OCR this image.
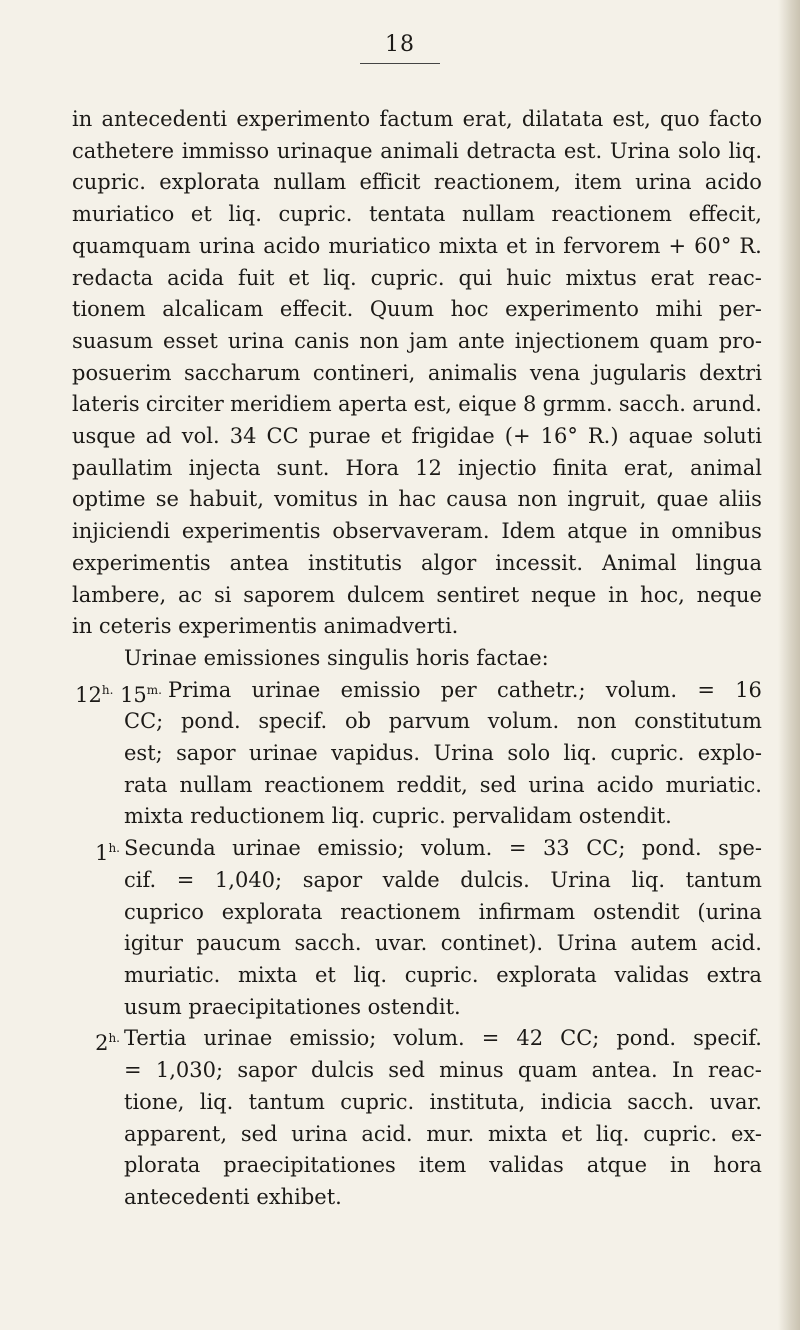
18
in antecedenti experimento factum erat, dilatata est, quo facto
cathetere immisso urinaque animali detracta est. Urina solo liq.
cupric. explorata nullam efficit reactionem, item urina acido
muriatico et liq. cupric. tentata nullam reactionem effecit,
quamquam urina acido muriatico mixta et in fervorem + 60° R.
redacta acida fuit et liq. cupric. qui huic mixtus erat reac-
tionem alcalicam effecit. Quum hoc experimento mihi per-
suasum esset urina canis non jam ante injectionem quam pro-
posuerim saccharum contineri, animalis vena jugularis dextri
lateris circiter meridiem aperta est, eique 8 grmm. sacch. arund.
usque ad vol. 34 CC purae et frigidae (+ 16° R.) aquae soluti
paullatim injecta sunt. Hora 12 injectio finita erat, animal
optime se habuit, vomitus in hac causa non ingruit, quae aliis
injiciendi experimentis observaveram. Idem atque in omnibus
experimentis antea institutis algor incessit. Animal lingua
lambere, ac si saporem dulcem sentiret neque in hoc, neque
in ceteris experimentis animadverti.
Urinae emissiones singulis horis factae:
$12^{h.}$ $15^{m.}$ Prima urinae emissio per cathetr.; volum. = 16
CC; pond. specif. ob parvum volum. non constitutum
est; sapor urinae vapidus. Urina solo liq. cupric. explo-
rata nullam reactionem reddit, sed urina acido muriatic.
mixta reductionem liq. cupric. pervalidam ostendit.
$1^{h.}$ Secunda urinae emissio; volum. = 33 CC; pond. spe-
cif. = 1,040; sapor valde dulcis. Urina liq. tantum
cuprico explorata reactionem infirmam ostendit (urina
igitur paucum sacch. uvar. continet). Urina autem acid.
muriatic. mixta et liq. cupric. explorata validas extra
usum praecipitationes ostendit.
$2^{h.}$ Tertia urinae emissio; volum. = 42 CC; pond. specif.
= 1,030; sapor dulcis sed minus quam antea. In reac-
tione, liq. tantum cupric. instituta, indicia sacch. uvar.
apparent, sed urina acid. mur. mixta et liq. cupric. ex-
plorata praecipitationes item validas atque in hora
antecedenti exhibet.
